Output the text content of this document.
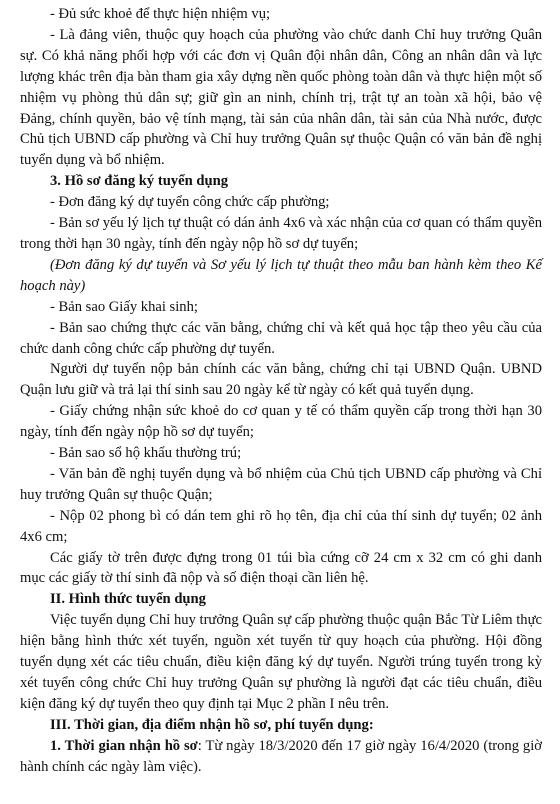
- Đủ sức khoẻ để thực hiện nhiệm vụ;

- Là đảng viên, thuộc quy hoạch của phường vào chức danh Chỉ huy trưởng Quân sự. Có khả năng phối hợp với các đơn vị Quân đội nhân dân, Công an nhân dân và lực lượng khác trên địa bàn tham gia xây dựng nền quốc phòng toàn dân và thực hiện một số nhiệm vụ phòng thủ dân sự; giữ gìn an ninh, chính trị, trật tự an toàn xã hội, bảo vệ Đảng, chính quyền, bảo vệ tính mạng, tài sản của nhân dân, tài sản của Nhà nước, được Chủ tịch UBND cấp phường và Chỉ huy trưởng Quân sự thuộc Quận có văn bản đề nghị tuyển dụng và bổ nhiệm.

3. Hồ sơ đăng ký tuyển dụng

- Đơn đăng ký dự tuyển công chức cấp phường;

- Bản sơ yếu lý lịch tự thuật có dán ảnh 4x6 và xác nhận của cơ quan có thẩm quyền trong thời hạn 30 ngày, tính đến ngày nộp hồ sơ dự tuyển;

(Đơn đăng ký dự tuyển và Sơ yếu lý lịch tự thuật theo mẫu ban hành kèm theo Kế hoạch này)

- Bản sao Giấy khai sinh;

- Bản sao chứng thực các văn bằng, chứng chỉ và kết quả học tập theo yêu cầu của chức danh công chức cấp phường dự tuyển.

Người dự tuyển nộp bản chính các văn bằng, chứng chỉ tại UBND Quận. UBND Quận lưu giữ và trả lại thí sinh sau 20 ngày kể từ ngày có kết quả tuyển dụng.

- Giấy chứng nhận sức khoẻ do cơ quan y tế có thẩm quyền cấp trong thời hạn 30 ngày, tính đến ngày nộp hồ sơ dự tuyển;

- Bản sao sổ hộ khẩu thường trú;

- Văn bản đề nghị tuyển dụng và bổ nhiệm của Chủ tịch UBND cấp phường và Chỉ huy trưởng Quân sự thuộc Quận;

- Nộp 02 phong bì có dán tem ghi rõ họ tên, địa chỉ của thí sinh dự tuyển; 02 ảnh 4x6 cm;

Các giấy tờ trên được đựng trong 01 túi bìa cứng cỡ 24 cm x 32 cm có ghi danh mục các giấy tờ thí sinh đã nộp và số điện thoại cần liên hệ.

II. Hình thức tuyển dụng

Việc tuyển dụng Chỉ huy trưởng Quân sự cấp phường thuộc quận Bắc Từ Liêm thực hiện bằng hình thức xét tuyển, nguồn xét tuyển từ quy hoạch của phường. Hội đồng tuyển dụng xét các tiêu chuẩn, điều kiện đăng ký dự tuyển. Người trúng tuyển trong kỳ xét tuyển công chức Chỉ huy trưởng Quân sự phường là người đạt các tiêu chuẩn, điều kiện đăng ký dự tuyển theo quy định tại Mục 2 phần I nêu trên.

III. Thời gian, địa điểm nhận hồ sơ, phí tuyển dụng:

1. Thời gian nhận hồ sơ: Từ ngày 18/3/2020 đến 17 giờ ngày 16/4/2020 (trong giờ hành chính các ngày làm việc).
